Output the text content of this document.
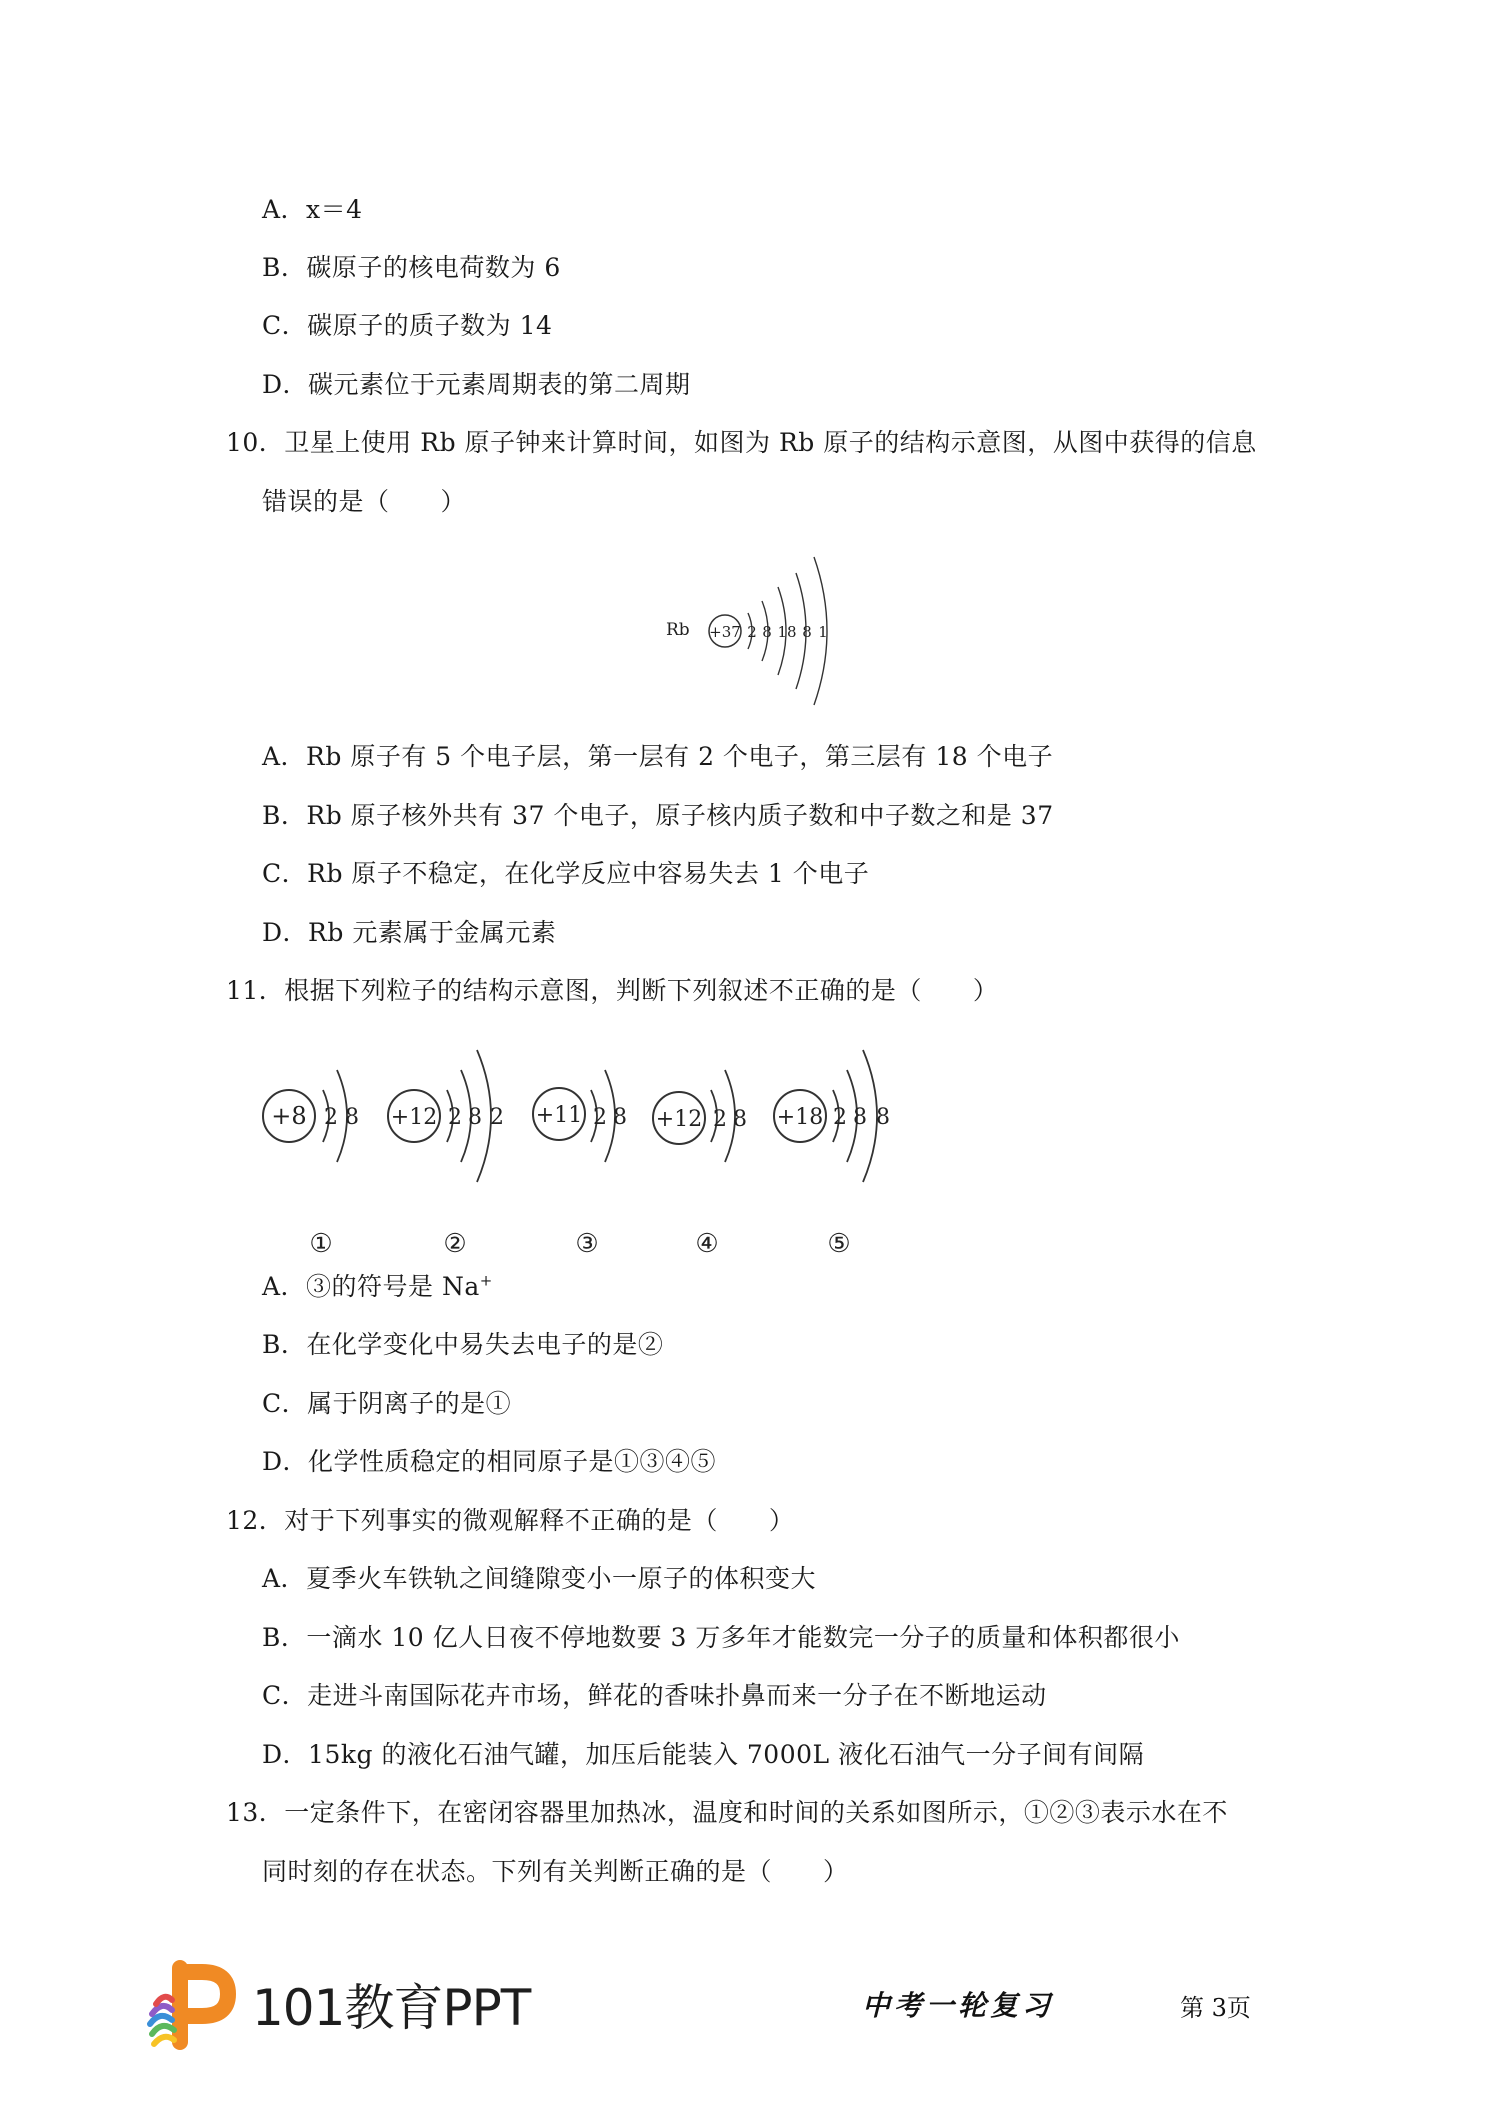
A．x＝4
B．碳原子的核电荷数为 6
C．碳原子的质子数为 14
D．碳元素位于元素周期表的第二周期
10．卫星上使用 Rb 原子钟来计算时间，如图为 Rb 原子的结构示意图，从图中获得的信息
错误的是（　　）
Rb +37 2 8 18 8 1
A．Rb 原子有 5 个电子层，第一层有 2 个电子，第三层有 18 个电子
B．Rb 原子核外共有 37 个电子，原子核内质子数和中子数之和是 37
C．Rb 原子不稳定，在化学反应中容易失去 1 个电子
D．Rb 元素属于金属元素
11．根据下列粒子的结构示意图，判断下列叙述不正确的是（　　）
+8 2 8
①
+12 2 8 2
②
+11 2 8
③
+12 2 8
④
+18 2 8 8
⑤
A．③的符号是 Na+
B．在化学变化中易失去电子的是②
C．属于阴离子的是①
D．化学性质稳定的相同原子是①③④⑤
12．对于下列事实的微观解释不正确的是（　　）
A．夏季火车铁轨之间缝隙变小一原子的体积变大
B．一滴水 10 亿人日夜不停地数要 3 万多年才能数完一分子的质量和体积都很小
C．走进斗南国际花卉市场，鲜花的香味扑鼻而来一分子在不断地运动
D．15kg 的液化石油气罐，加压后能装入 7000L 液化石油气一分子间有间隔
13．一定条件下，在密闭容器里加热冰，温度和时间的关系如图所示，①②③表示水在不
同时刻的存在状态。下列有关判断正确的是（　　）
101教育PPT	中考一轮复习	第 3页
